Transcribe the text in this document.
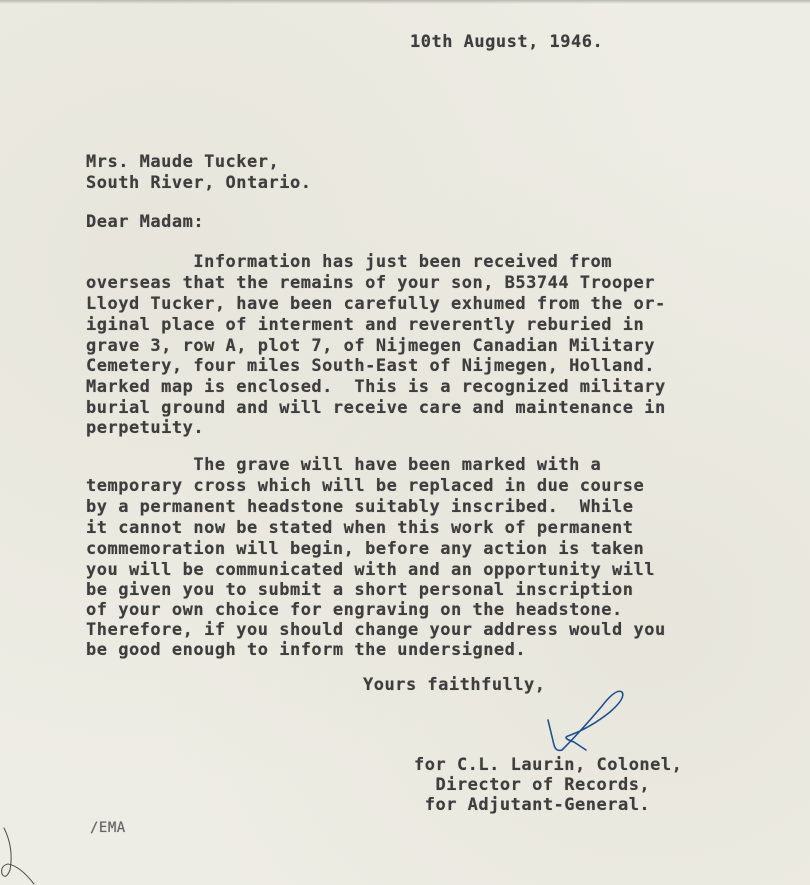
10th August, 1946.
Mrs. Maude Tucker,
South River, Ontario.
Dear Madam:
Information has just been received from
overseas that the remains of your son, B53744 Trooper
Lloyd Tucker, have been carefully exhumed from the or-
iginal place of interment and reverently reburied in
grave 3, row A, plot 7, of Nijmegen Canadian Military
Cemetery, four miles South-East of Nijmegen, Holland.
Marked map is enclosed.  This is a recognized military
burial ground and will receive care and maintenance in
perpetuity.
The grave will have been marked with a
temporary cross which will be replaced in due course
by a permanent headstone suitably inscribed.  While
it cannot now be stated when this work of permanent
commemoration will begin, before any action is taken
you will be communicated with and an opportunity will
be given you to submit a short personal inscription
of your own choice for engraving on the headstone.
Therefore, if you should change your address would you
be good enough to inform the undersigned.
Yours faithfully,
for C.L. Laurin, Colonel,
Director of Records,
for Adjutant-General.
/EMA
